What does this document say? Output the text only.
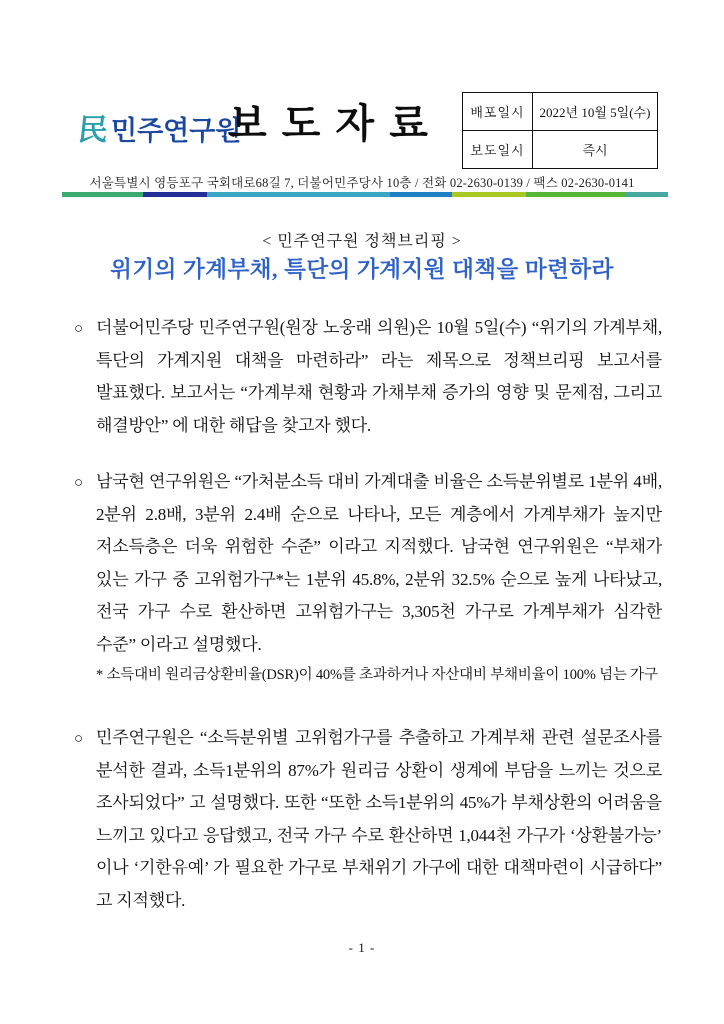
民 민주연구원
보 도 자 료	배포일시	2022년 10월 5일(수)
보도일시	즉시
서울특별시 영등포구 국회대로68길 7, 더불어민주당사 10층 / 전화 02-2630-0139 / 팩스 02-2630-0141
< 민주연구원 정책브리핑 >
위기의 가계부채, 특단의 가계지원 대책을 마련하라
○ 더불어민주당 민주연구원(원장 노웅래 의원)은 10월 5일(수) “위기의 가계부채, 특단의 가계지원 대책을 마련하라” 라는 제목으로 정책브리핑 보고서를 발표했다. 보고서는 “가계부채 현황과 가채부채 증가의 영향 및 문제점, 그리고 해결방안” 에 대한 해답을 찾고자 했다.
○ 남국현 연구위원은 “가처분소득 대비 가계대출 비율은 소득분위별로 1분위 4배, 2분위 2.8배, 3분위 2.4배 순으로 나타나, 모든 계층에서 가계부채가 높지만 저소득층은 더욱 위험한 수준” 이라고 지적했다. 남국현 연구위원은 “부채가 있는 가구 중 고위험가구*는 1분위 45.8%, 2분위 32.5% 순으로 높게 나타났고, 전국 가구 수로 환산하면 고위험가구는 3,305천 가구로 가계부채가 심각한 수준” 이라고 설명했다.
* 소득대비 원리금상환비율(DSR)이 40%를 초과하거나 자산대비 부채비율이 100% 넘는 가구
○ 민주연구원은 “소득분위별 고위험가구를 추출하고 가계부채 관련 설문조사를 분석한 결과, 소득1분위의 87%가 원리금 상환이 생계에 부담을 느끼는 것으로 조사되었다” 고 설명했다. 또한 “또한 소득1분위의 45%가 부채상환의 어려움을 느끼고 있다고 응답했고, 전국 가구 수로 환산하면 1,044천 가구가 ‘상환불가능’ 이나 ‘기한유예’ 가 필요한 가구로 부채위기 가구에 대한 대책마련이 시급하다” 고 지적했다.
- 1 -
